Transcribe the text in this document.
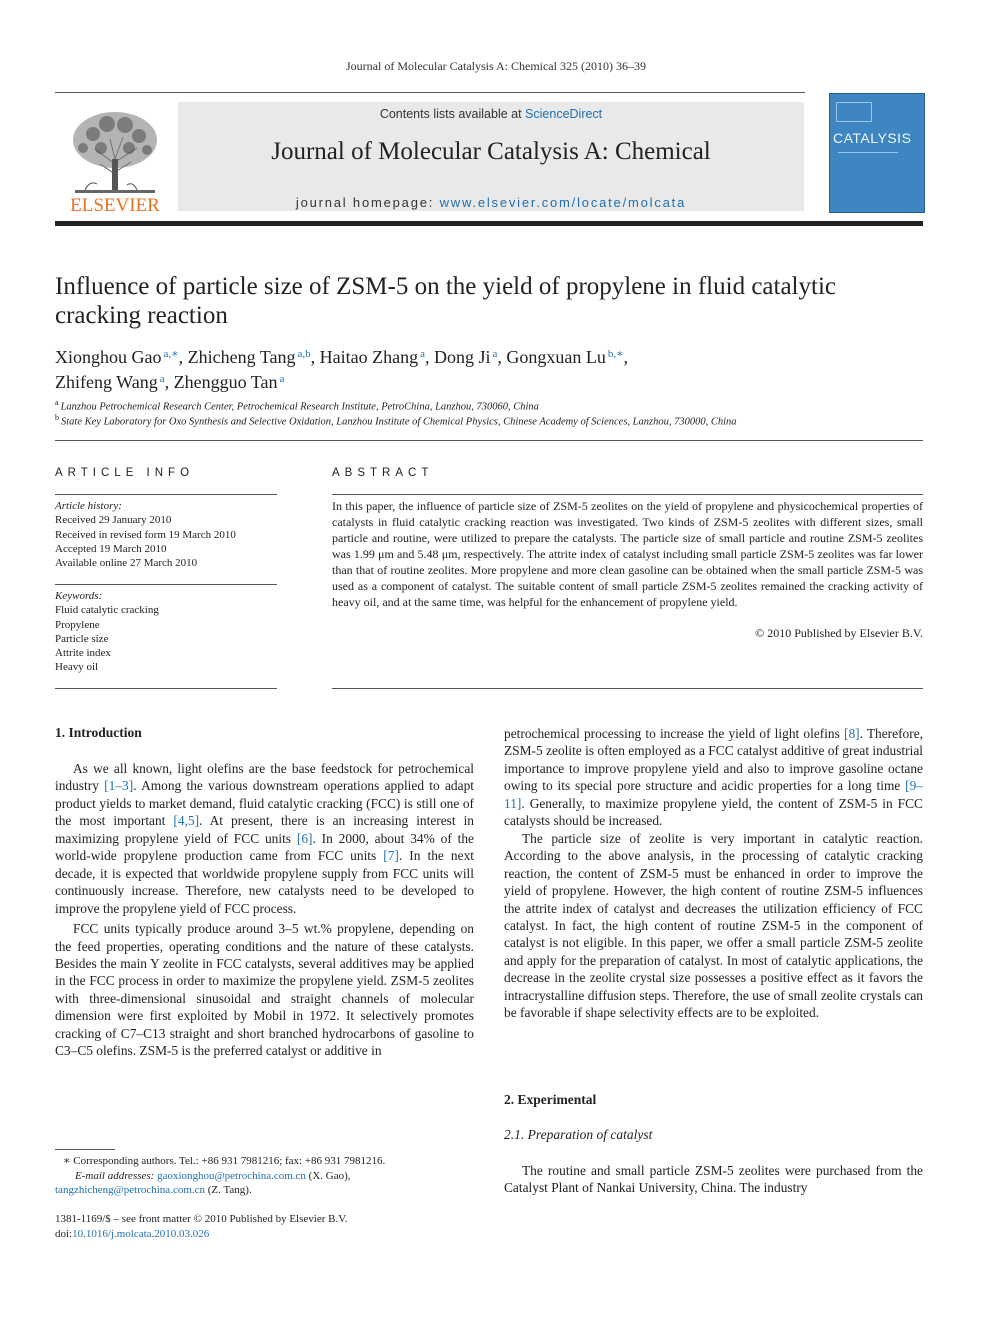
Journal of Molecular Catalysis A: Chemical 325 (2010) 36–39
ELSEVIER
Contents lists available at ScienceDirect
Journal of Molecular Catalysis A: Chemical
journal homepage: www.elsevier.com/locate/molcata
CATALYSIS
Influence of particle size of ZSM-5 on the yield of propylene in fluid catalytic cracking reaction
Xionghou Gao $^{a,∗}$, Zhicheng Tang $^{a,b}$, Haitao Zhang $^a$, Dong Ji $^a$, Gongxuan Lu $^{b,∗}$,
Zhifeng Wang $^a$, Zhengguo Tan $^a$
$^a$ Lanzhou Petrochemical Research Center, Petrochemical Research Institute, PetroChina, Lanzhou, 730060, China
$^b$ State Key Laboratory for Oxo Synthesis and Selective Oxidation, Lanzhou Institute of Chemical Physics, Chinese Academy of Sciences, Lanzhou, 730000, China
ARTICLE INFO
Article history:
Received 29 January 2010
Received in revised form 19 March 2010
Accepted 19 March 2010
Available online 27 March 2010
Keywords:
Fluid catalytic cracking
Propylene
Particle size
Attrite index
Heavy oil
ABSTRACT
In this paper, the influence of particle size of ZSM-5 zeolites on the yield of propylene and physicochemical properties of catalysts in fluid catalytic cracking reaction was investigated. Two kinds of ZSM-5 zeolites with different sizes, small particle and routine, were utilized to prepare the catalysts. The particle size of small particle and routine ZSM-5 zeolites was 1.99 μm and 5.48 μm, respectively. The attrite index of catalyst including small particle ZSM-5 zeolites was far lower than that of routine zeolites. More propylene and more clean gasoline can be obtained when the small particle ZSM-5 was used as a component of catalyst. The suitable content of small particle ZSM-5 zeolites remained the cracking activity of heavy oil, and at the same time, was helpful for the enhancement of propylene yield.
© 2010 Published by Elsevier B.V.
1. Introduction

As we all known, light olefins are the base feedstock for petrochemical industry [1–3]. Among the various downstream operations applied to adapt product yields to market demand, fluid catalytic cracking (FCC) is still one of the most important [4,5]. At present, there is an increasing interest in maximizing propylene yield of FCC units [6]. In 2000, about 34% of the world-wide propylene production came from FCC units [7]. In the next decade, it is expected that worldwide propylene supply from FCC units will continuously increase. Therefore, new catalysts need to be developed to improve the propylene yield of FCC process.

FCC units typically produce around 3–5 wt.% propylene, depending on the feed properties, operating conditions and the nature of these catalysts. Besides the main Y zeolite in FCC catalysts, several additives may be applied in the FCC process in order to maximize the propylene yield. ZSM-5 zeolites with three-dimensional sinusoidal and straight channels of molecular dimension were first exploited by Mobil in 1972. It selectively promotes cracking of C7–C13 straight and short branched hydrocarbons of gasoline to C3–C5 olefins. ZSM-5 is the preferred catalyst or additive in

∗ Corresponding authors. Tel.: +86 931 7981216; fax: +86 931 7981216.
E-mail addresses: gaoxionghou@petrochina.com.cn (X. Gao),
tangzhicheng@petrochina.com.cn (Z. Tang).
1381-1169/$ – see front matter © 2010 Published by Elsevier B.V.
doi:10.1016/j.molcata.2010.03.026

petrochemical processing to increase the yield of light olefins [8]. Therefore, ZSM-5 zeolite is often employed as a FCC catalyst additive of great industrial importance to improve propylene yield and also to improve gasoline octane owing to its special pore structure and acidic properties for a long time [9–11]. Generally, to maximize propylene yield, the content of ZSM-5 in FCC catalysts should be increased.

The particle size of zeolite is very important in catalytic reaction. According to the above analysis, in the processing of catalytic cracking reaction, the content of ZSM-5 must be enhanced in order to improve the yield of propylene. However, the high content of routine ZSM-5 influences the attrite index of catalyst and decreases the utilization efficiency of FCC catalyst. In fact, the high content of routine ZSM-5 in the component of catalyst is not eligible. In this paper, we offer a small particle ZSM-5 zeolite and apply for the preparation of catalyst. In most of catalytic applications, the decrease in the zeolite crystal size possesses a positive effect as it favors the intracrystalline diffusion steps. Therefore, the use of small zeolite crystals can be favorable if shape selectivity effects are to be exploited.

2. Experimental
2.1. Preparation of catalyst

The routine and small particle ZSM-5 zeolites were purchased from the Catalyst Plant of Nankai University, China. The industry
